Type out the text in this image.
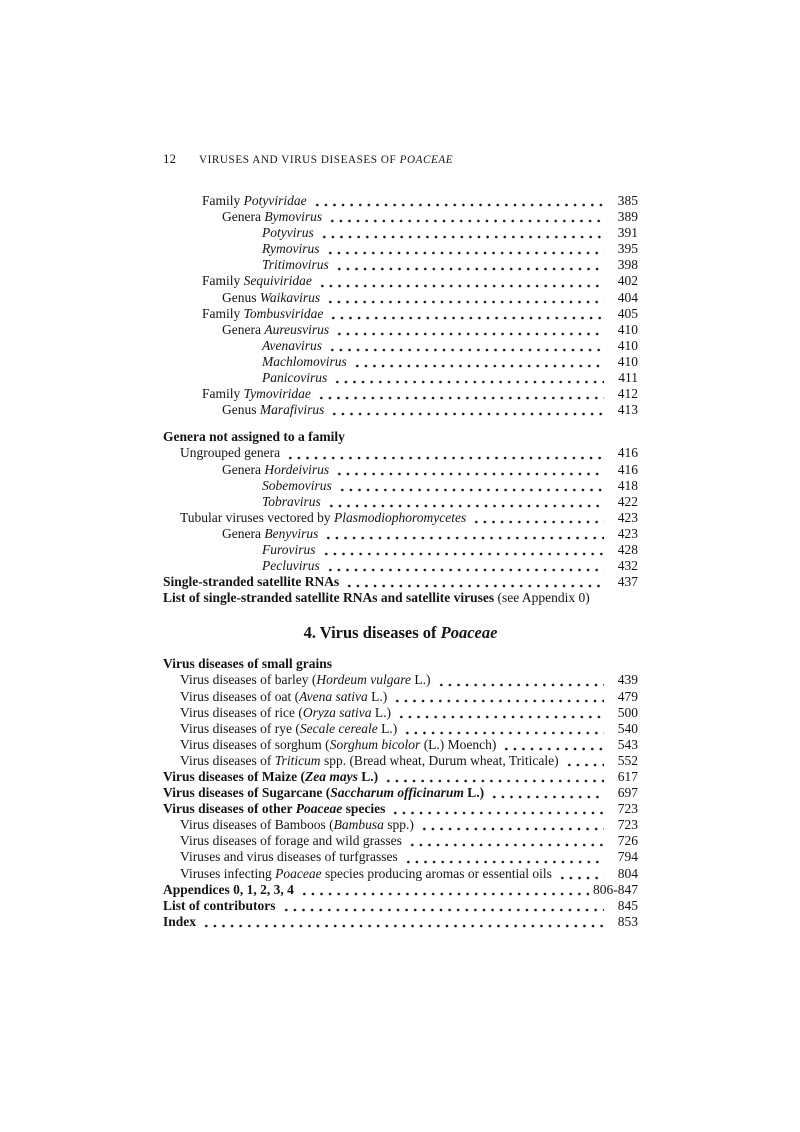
12 VIRUSES AND VIRUS DISEASES OF POACEAE
Family Potyviridae	385
Genera Bymovirus	389
Potyvirus	391
Rymovirus	395
Tritimovirus	398
Family Sequiviridae	402
Genus Waikavirus	404
Family Tombusviridae	405
Genera Aureusvirus	410
Avenavirus	410
Machlomovirus	410
Panicovirus	411
Family Tymoviridae	412
Genus Marafivirus	413
Genera not assigned to a family
Ungrouped genera	416
Genera Hordeivirus	416
Sobemovirus	418
Tobravirus	422
Tubular viruses vectored by Plasmodiophoromycetes	423
Genera Benyvirus	423
Furovirus	428
Pecluvirus	432
Single-stranded satellite RNAs	437
List of single-stranded satellite RNAs and satellite viruses (see Appendix 0)
4. Virus diseases of Poaceae
Virus diseases of small grains
Virus diseases of barley (Hordeum vulgare L.)	439
Virus diseases of oat (Avena sativa L.)	479
Virus diseases of rice (Oryza sativa L.)	500
Virus diseases of rye (Secale cereale L.)	540
Virus diseases of sorghum (Sorghum bicolor (L.) Moench)	543
Virus diseases of Triticum spp. (Bread wheat, Durum wheat, Triticale)	552
Virus diseases of Maize (Zea mays L.)	617
Virus diseases of Sugarcane (Saccharum officinarum L.)	697
Virus diseases of other Poaceae species	723
Virus diseases of Bamboos (Bambusa spp.)	723
Virus diseases of forage and wild grasses	726
Viruses and virus diseases of turfgrasses	794
Viruses infecting Poaceae species producing aromas or essential oils	804
Appendices 0, 1, 2, 3, 4	806-847
List of contributors	845
Index	853
